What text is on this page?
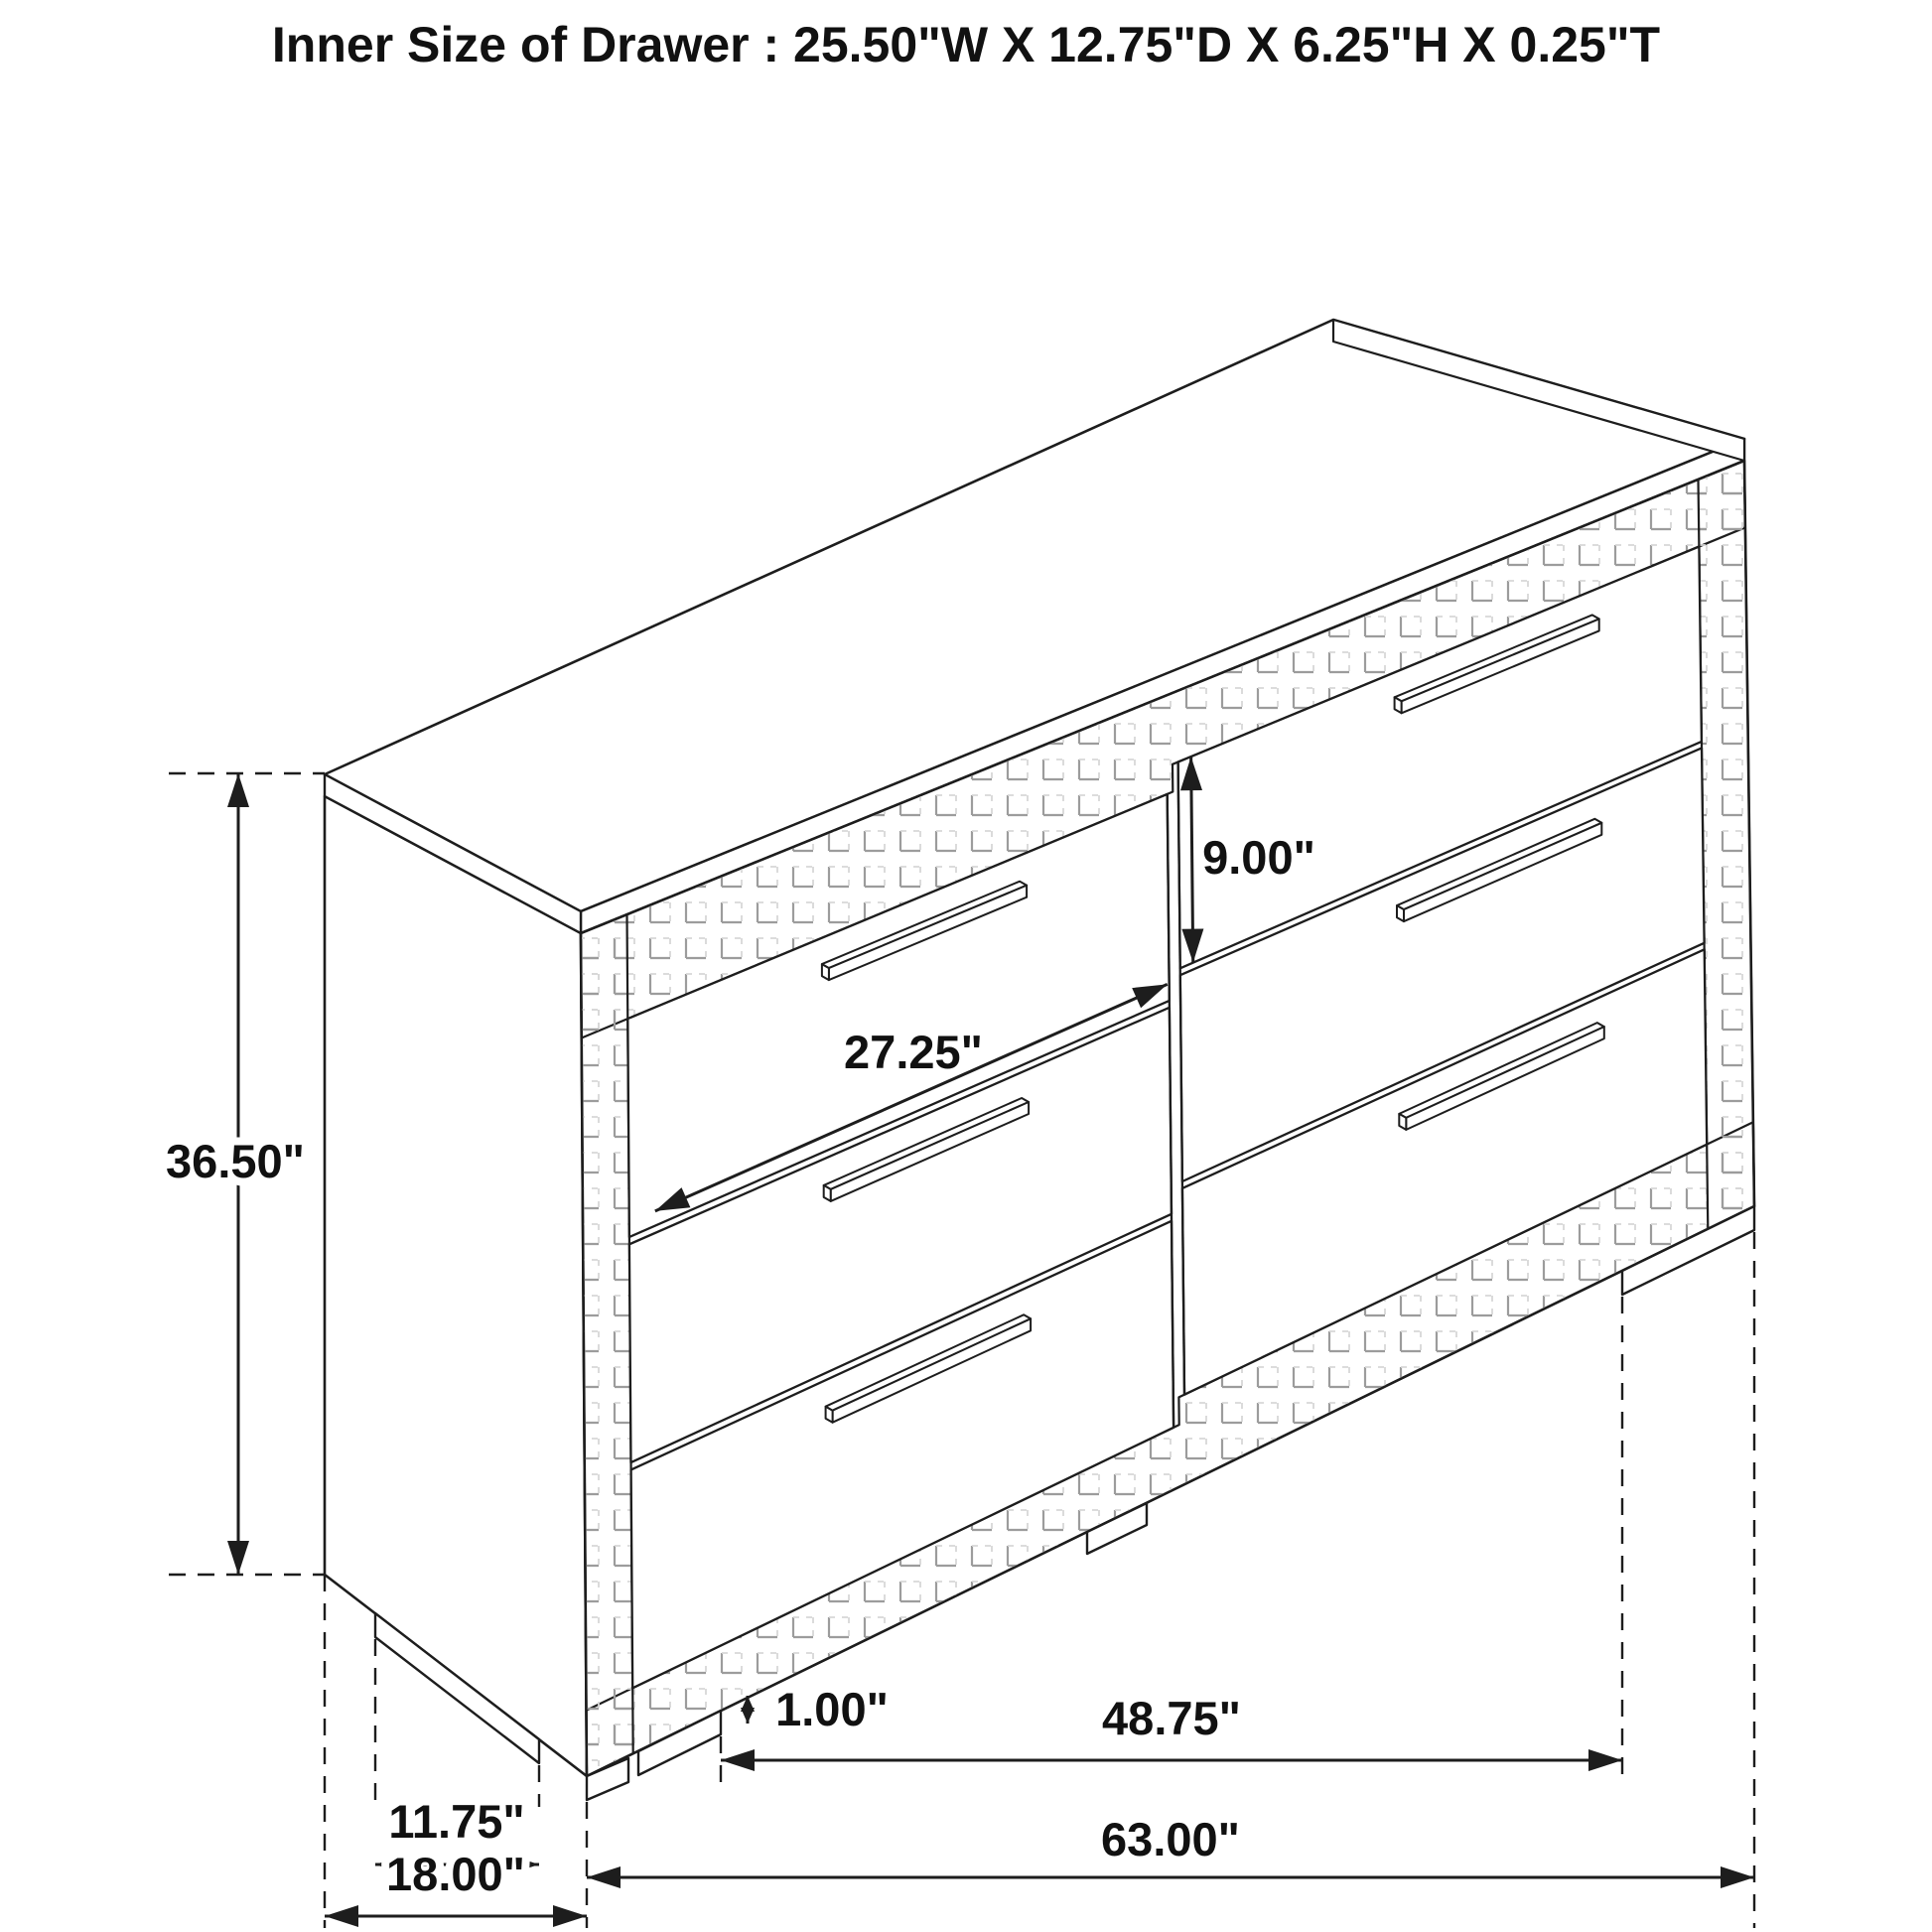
Inner Size of Drawer : 25.50"W X 12.75"D X 6.25"H X 0.25"T
36.50"
9.00"
27.25"
1.00"
11.75"
48.75"
18.00"
63.00"
